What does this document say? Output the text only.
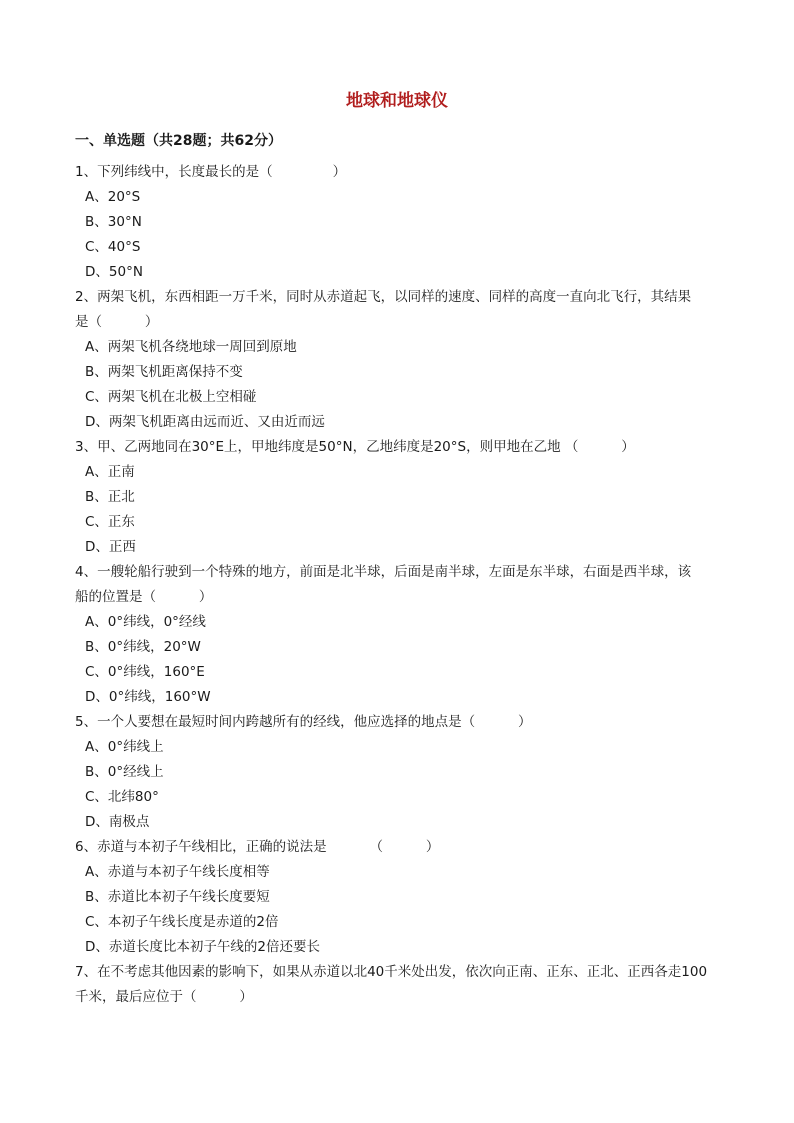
地球和地球仪
一、单选题（共28题；共62分）
1、下列纬线中，长度最长的是（              ）
A、20°S
B、30°N
C、40°S
D、50°N
2、两架飞机，东西相距一万千米，同时从赤道起飞，以同样的速度、同样的高度一直向北飞行，其结果
是（          ）
A、两架飞机各绕地球一周回到原地
B、两架飞机距离保持不变
C、两架飞机在北极上空相碰
D、两架飞机距离由远而近、又由近而远
3、甲、乙两地同在30°E上，甲地纬度是50°N，乙地纬度是20°S，则甲地在乙地 （          ）
A、正南
B、正北
C、正东
D、正西
4、一艘轮船行驶到一个特殊的地方，前面是北半球，后面是南半球，左面是东半球，右面是西半球，该
船的位置是（          ）
A、0°纬线，0°经线
B、0°纬线，20°W
C、0°纬线，160°E
D、0°纬线，160°W
5、一个人要想在最短时间内跨越所有的经线，他应选择的地点是（          ）
A、0°纬线上
B、0°经线上
C、北纬80°
D、南极点
6、赤道与本初子午线相比，正确的说法是          （          ）
A、赤道与本初子午线长度相等
B、赤道比本初子午线长度要短
C、本初子午线长度是赤道的2倍
D、赤道长度比本初子午线的2倍还要长
7、在不考虑其他因素的影响下，如果从赤道以北40千米处出发，依次向正南、正东、正北、正西各走100
千米，最后应位于（          ）
